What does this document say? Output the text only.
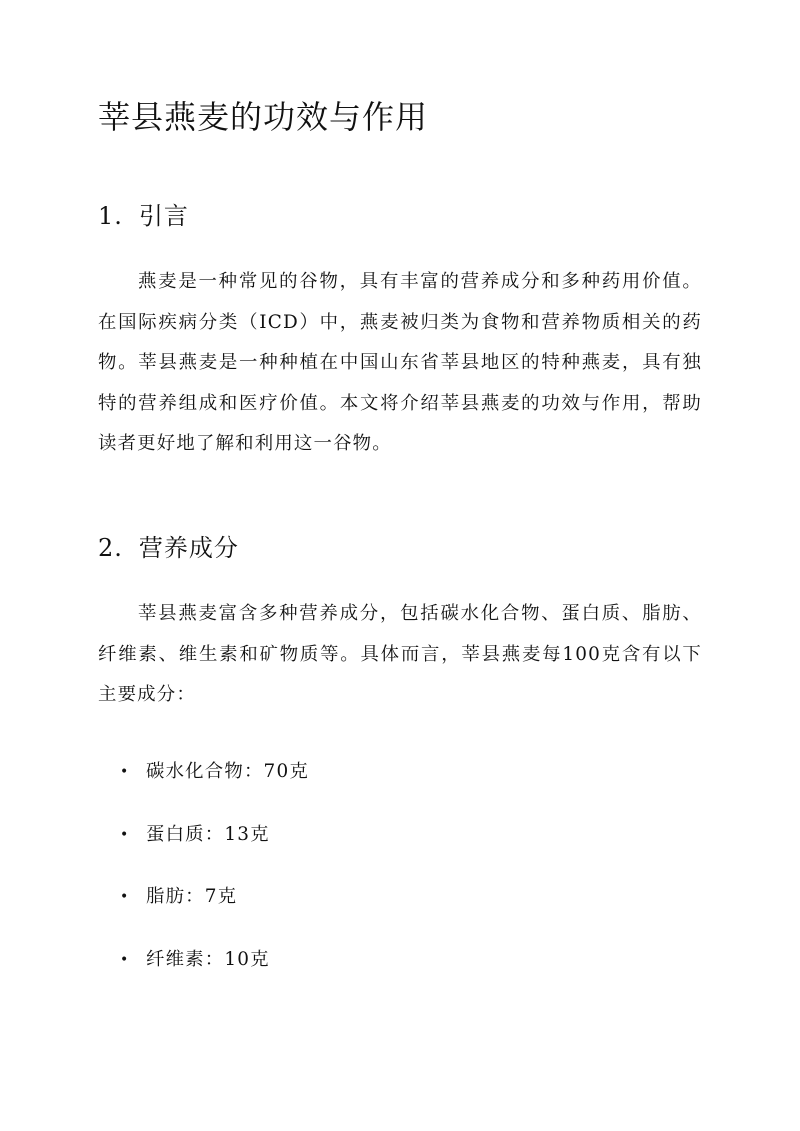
莘县燕麦的功效与作用
1. 引言

燕麦是一种常见的谷物，具有丰富的营养成分和多种药用价值。在国际疾病分类（ICD）中，燕麦被归类为食物和营养物质相关的药物。莘县燕麦是一种种植在中国山东省莘县地区的特种燕麦，具有独特的营养组成和医疗价值。本文将介绍莘县燕麦的功效与作用，帮助读者更好地了解和利用这一谷物。

2. 营养成分

莘县燕麦富含多种营养成分，包括碳水化合物、蛋白质、脂肪、纤维素、维生素和矿物质等。具体而言，莘县燕麦每100克含有以下主要成分：

• 碳水化合物：70克
• 蛋白质：13克
• 脂肪：7克
• 纤维素：10克
